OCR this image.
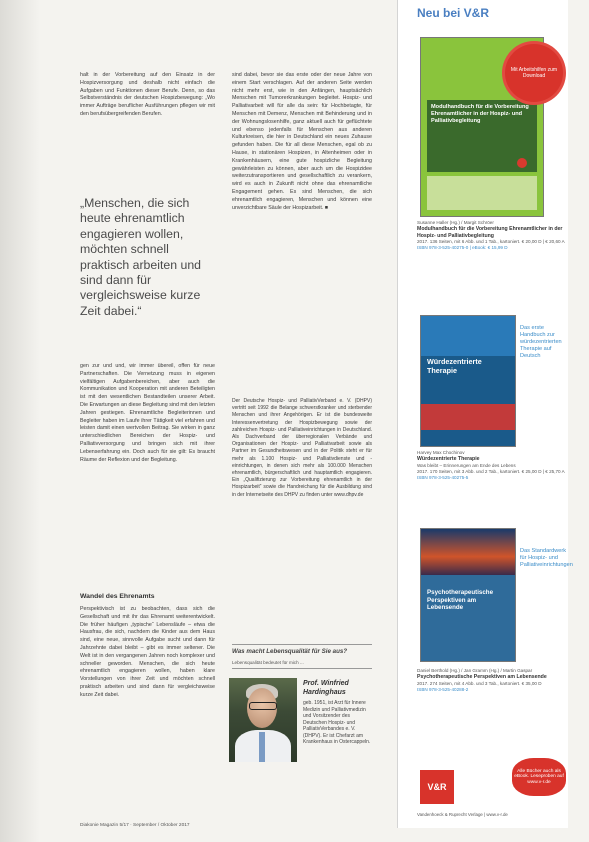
halt in der Vorbereitung auf den Einsatz in der Hospizversorgung und deshalb nicht einfach die Aufgaben und Funktionen dieser Berufe. Denn, so das Selbstverständnis der deutschen Hospizbewegung: „Wo immer Aufträge beruflicher Ausführungen pflegen wir mit den berufsübergreifenden Berufen.

„Menschen, die sich heute ehrenamtlich engagieren wollen, möchten schnell praktisch arbeiten und sind dann für vergleichsweise kurze Zeit dabei.“

gen zur und und, wir immer übereil, offen für neue Partnerschaften. Die Vernetzung muss in eigenen vielfältigen Aufgabenbereichen, aber auch die Kommunikation und Kooperation mit anderen Beteiligten ist mit den wesentlichen Bestandteilen unserer Arbeit. Die Erwartungen an diese Begleitung sind mit den letzten Jahren gestiegen. Ehrenamtliche Begleiterinnen und Begleiter haben im Laufe ihrer Tätigkeit viel erfahren und leisten damit einen wertvollen Beitrag. Sie wirken in ganz unterschiedlichen Bereichen der Hospiz- und Palliativversorgung und bringen sich mit ihrer Lebenserfahrung ein. Doch auch für sie gilt: Es braucht Räume der Reflexion und der Begleitung.

Wandel des Ehrenamts

Perspektivisch ist zu beobachten, dass sich die Gesellschaft und mit ihr das Ehrenamt weiterentwickelt. Die früher häufigen „typische“ Lebensläufe – etwa die Hausfrau, die sich, nachdem die Kinder aus dem Haus sind, eine neue, sinnvolle Aufgabe sucht und dann für Jahrzehnte dabei bleibt – gibt es immer seltener. Die Welt ist in den vergangenen Jahren noch komplexer und schneller geworden. Menschen, die sich heute ehrenamtlich engagieren wollen, haben klare Vorstellungen von ihrer Zeit und möchten schnell praktisch arbeiten und sind dann für vergleichsweise kurze Zeit dabei.

sind dabei, bevor sie das erste oder der neue Jahre von einem Start verschlagen. Auf der anderen Seite werden nicht mehr erst, wie in den Anfängen, hauptsächlich Menschen mit Tumorerkrankungen begleitet. Hospiz- und Palliativarbeit will für alle da sein: für Hochbetagte, für Menschen mit Demenz, Menschen mit Behinderung und in der Wohnungslosenhilfe, ganz aktuell auch für geflüchtete und ebenso jedenfalls für Menschen aus anderen Kulturkreisen, die hier in Deutschland ein neues Zuhause gefunden haben. Die für all diese Menschen, egal ob zu Hause, in stationären Hospizen, in Altenheimen oder in Krankenhäusern, eine gute hospizliche Begleitung gewährleisten zu können, aber auch um die Hospizidee weiterzutransportieren und gesellschaftlich zu verankern, wird es auch in Zukunft nicht ohne das ehrenamtliche Engagement gehen. Es sind Menschen, die sich ehrenamtlich engagieren, Menschen und können eine unverzichtbare Säule der Hospizarbeit. ■

Der Deutsche Hospiz- und PalliativVerband e. V. (DHPV) vertritt seit 1992 die Belange schwerstkranker und sterbender Menschen und ihrer Angehörigen. Er ist die bundesweite Interessenvertretung der Hospizbewegung sowie der zahlreichen Hospiz- und Palliativeinrichtungen in Deutschland. Als Dachverband der überregionalen Verbände und Organisationen der Hospiz- und Palliativarbeit sowie als Partner im Gesundheitswesen und in der Politik steht er für mehr als 1.100 Hospiz- und Palliativdienste und -einrichtungen, in denen sich mehr als 100.000 Menschen ehrenamtlich, bürgerschaftlich und hauptamtlich engagieren. Ein „Qualifizierung zur Vorbereitung ehrenamtlich in der Hospizarbeit“ sowie die Handreichung für die Ausbildung sind in der Internetseite des DHPV zu finden unter www.dhpv.de

Was macht Lebensqualität für Sie aus?
Lebensqualität bedeutet für mich ...
Prof. Winfried Hardinghaus
geb. 1951, ist Arzt für Innere Medizin und Palliativmedizin und Vorsitzender des Deutschen Hospiz- und PalliativVerbandes e. V. (DHPV). Er ist Chefarzt am Krankenhaus in Ostercappeln.
Diakonie Magazin 5/17 · September / Oktober 2017
Neu bei V&R
Modulhandbuch für die Vorbereitung Ehrenamtlicher in der Hospiz- und Palliativbegleitung
Mit Arbeitshilfen zum Download
Susanne Haller (Hg.) / Margit Schröer
Modulhandbuch für die Vorbereitung Ehrenamtlicher in der Hospiz- und Palliativbegleitung
2017. 136 Seiten, mit 6 Abb. und 1 Tab., kartoniert. € 20,00 D | € 20,60 A
ISBN 978-3-525-40275-0 | eBook: € 15,99 D
Würdezentrierte Therapie
Das erste Handbuch zur würdezentrierten Therapie auf Deutsch
Harvey Max Chochinov
Würdezentrierte Therapie
Was bleibt – Erinnerungen am Ende des Lebens
2017. 170 Seiten, mit 3 Abb. und 2 Tab., kartoniert. € 25,00 D | € 25,70 A
ISBN 978-3-525-40275-5
Psychotherapeutische Perspektiven am Lebensende
Das Standardwerk für Hospiz- und Palliativeinrichtungen
Daniel Berthold (Hg.) / Jan Gramm (Hg.) / Martin Gaspar
Psychotherapeutische Perspektiven am Lebensende
2017. 274 Seiten, mit 4 Abb. und 3 Tab., kartoniert. € 35,00 D
ISBN 978-3-525-40288-2
V&R
Alle Bücher auch als eBook. Leseproben auf www.v-r.de
Vandenhoeck & Ruprecht Verlage | www.v-r.de
